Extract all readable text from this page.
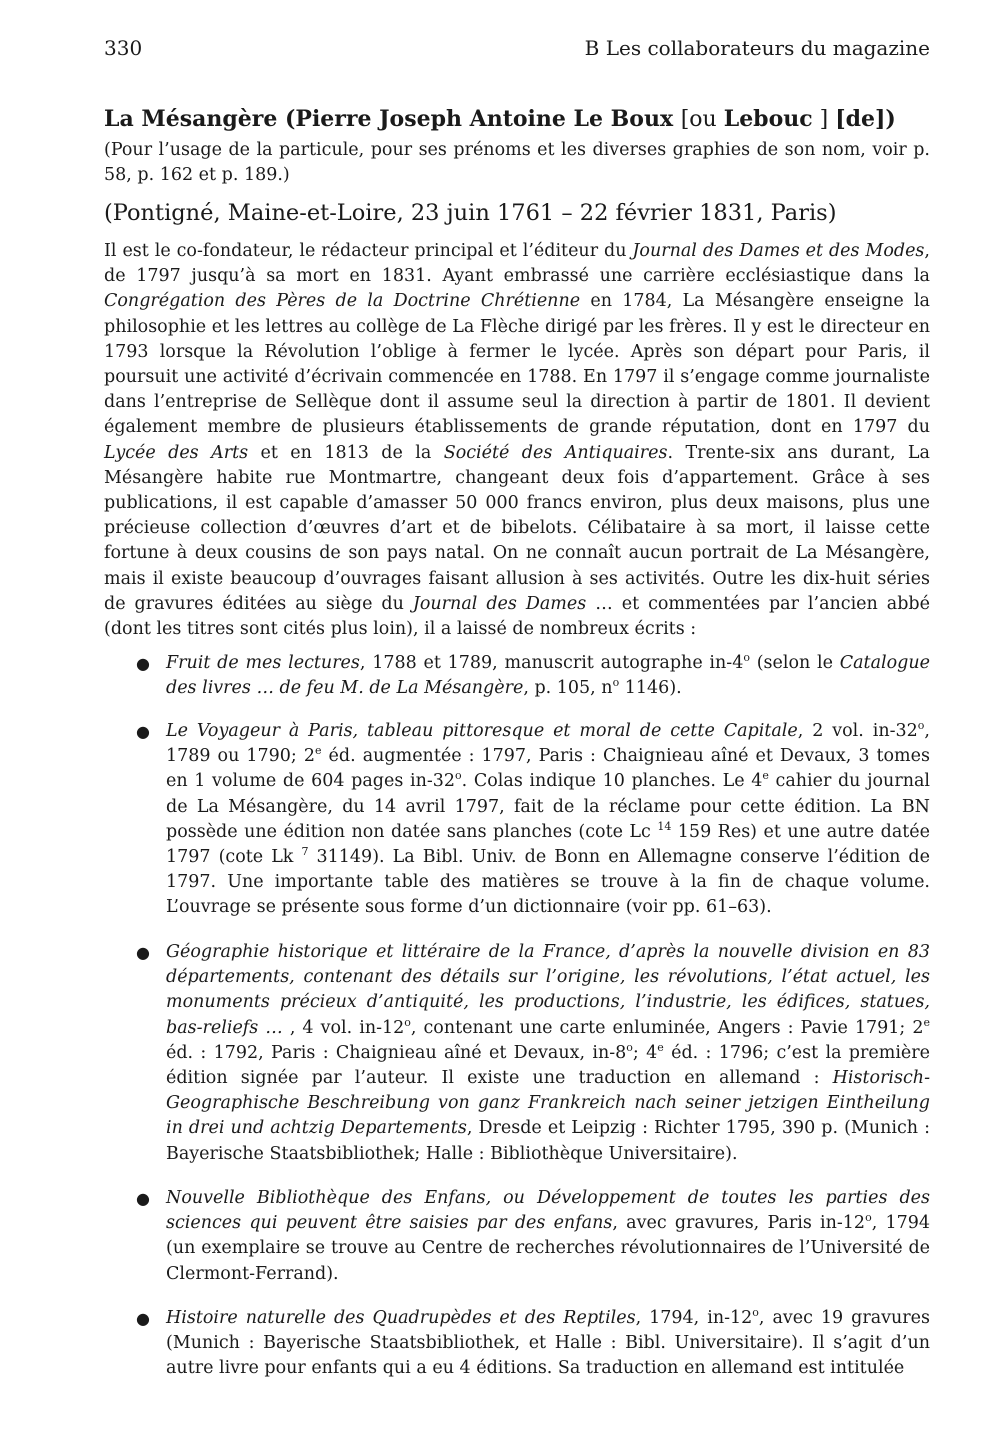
330	B Les collaborateurs du magazine
La Mésangère (Pierre Joseph Antoine Le Boux [ou Lebouc ] [de])
(Pour l’usage de la particule, pour ses prénoms et les diverses graphies de son nom, voir p. 58, p. 162 et p. 189.)
(Pontigné, Maine-et-Loire, 23 juin 1761 – 22 février 1831, Paris)

Il est le co-fondateur, le rédacteur principal et l’éditeur du Journal des Dames et des Modes, de 1797 jusqu’à sa mort en 1831. Ayant embrassé une carrière ecclésiastique dans la Congrégation des Pères de la Doctrine Chrétienne en 1784, La Mésangère enseigne la philosophie et les lettres au collège de La Flèche dirigé par les frères. Il y est le directeur en 1793 lorsque la Révolution l’oblige à fermer le lycée. Après son départ pour Paris, il poursuit une activité d’écrivain commencée en 1788. En 1797 il s’engage comme journaliste dans l’entreprise de Sellèque dont il assume seul la direction à partir de 1801. Il devient également membre de plusieurs établissements de grande réputation, dont en 1797 du Lycée des Arts et en 1813 de la Société des Antiquaires. Trente-six ans durant, La Mésangère habite rue Montmartre, changeant deux fois d’appartement. Grâce à ses publications, il est capable d’amasser 50 000 francs environ, plus deux maisons, plus une précieuse collection d’œuvres d’art et de bibelots. Célibataire à sa mort, il laisse cette fortune à deux cousins de son pays natal. On ne connaît aucun portrait de La Mésangère, mais il existe beaucoup d’ouvrages faisant allusion à ses activités. Outre les dix-huit séries de gravures éditées au siège du Journal des Dames … et commentées par l’ancien abbé (dont les titres sont cités plus loin), il a laissé de nombreux écrits :

● Fruit de mes lectures, 1788 et 1789, manuscrit autographe in-4$^o$ (selon le Catalogue des livres … de feu M. de La Mésangère, p. 105, $n^o$ 1146).
● Le Voyageur à Paris, tableau pittoresque et moral de cette Capitale, 2 vol. in-32$^o$, 1789 ou 1790; 2e éd. augmentée : 1797, Paris : Chaignieau aîné et Devaux, 3 tomes en 1 volume de 604 pages in-32$^o$. Colas indique 10 planches. Le 4e cahier du journal de La Mésangère, du 14 avril 1797, fait de la réclame pour cette édition. La BN possède une édition non datée sans planches (cote Lc $^{14}$ 159 Res) et une autre datée 1797 (cote Lk $^7$ 31149). La Bibl. Univ. de Bonn en Allemagne conserve l’édition de 1797. Une importante table des matières se trouve à la fin de chaque volume. L’ouvrage se présente sous forme d’un dictionnaire (voir pp. 61–63).
● Géographie historique et littéraire de la France, d’après la nouvelle division en 83 départements, contenant des détails sur l’origine, les révolutions, l’état actuel, les monuments précieux d’antiquité, les productions, l’industrie, les édifices, statues, bas-reliefs … , 4 vol. in-12$^o$, contenant une carte enluminée, Angers : Pavie 1791; 2e éd. : 1792, Paris : Chaignieau aîné et Devaux, in-8$^o$; 4e éd. : 1796; c’est la première édition signée par l’auteur. Il existe une traduction en allemand : Historisch-Geographische Beschreibung von ganz Frankreich nach seiner jetzigen Eintheilung in drei und achtzig Departements, Dresde et Leipzig : Richter 1795, 390 p. (Munich : Bayerische Staatsbibliothek; Halle : Bibliothèque Universitaire).
● Nouvelle Bibliothèque des Enfans, ou Développement de toutes les parties des sciences qui peuvent être saisies par des enfans, avec gravures, Paris in-12$^o$, 1794 (un exemplaire se trouve au Centre de recherches révolutionnaires de l’Université de Clermont-Ferrand).
● Histoire naturelle des Quadrupèdes et des Reptiles, 1794, in-12$^o$, avec 19 gravures (Munich : Bayerische Staatsbibliothek, et Halle : Bibl. Universitaire). Il s’agit d’un autre livre pour enfants qui a eu 4 éditions. Sa traduction en allemand est intitulée
